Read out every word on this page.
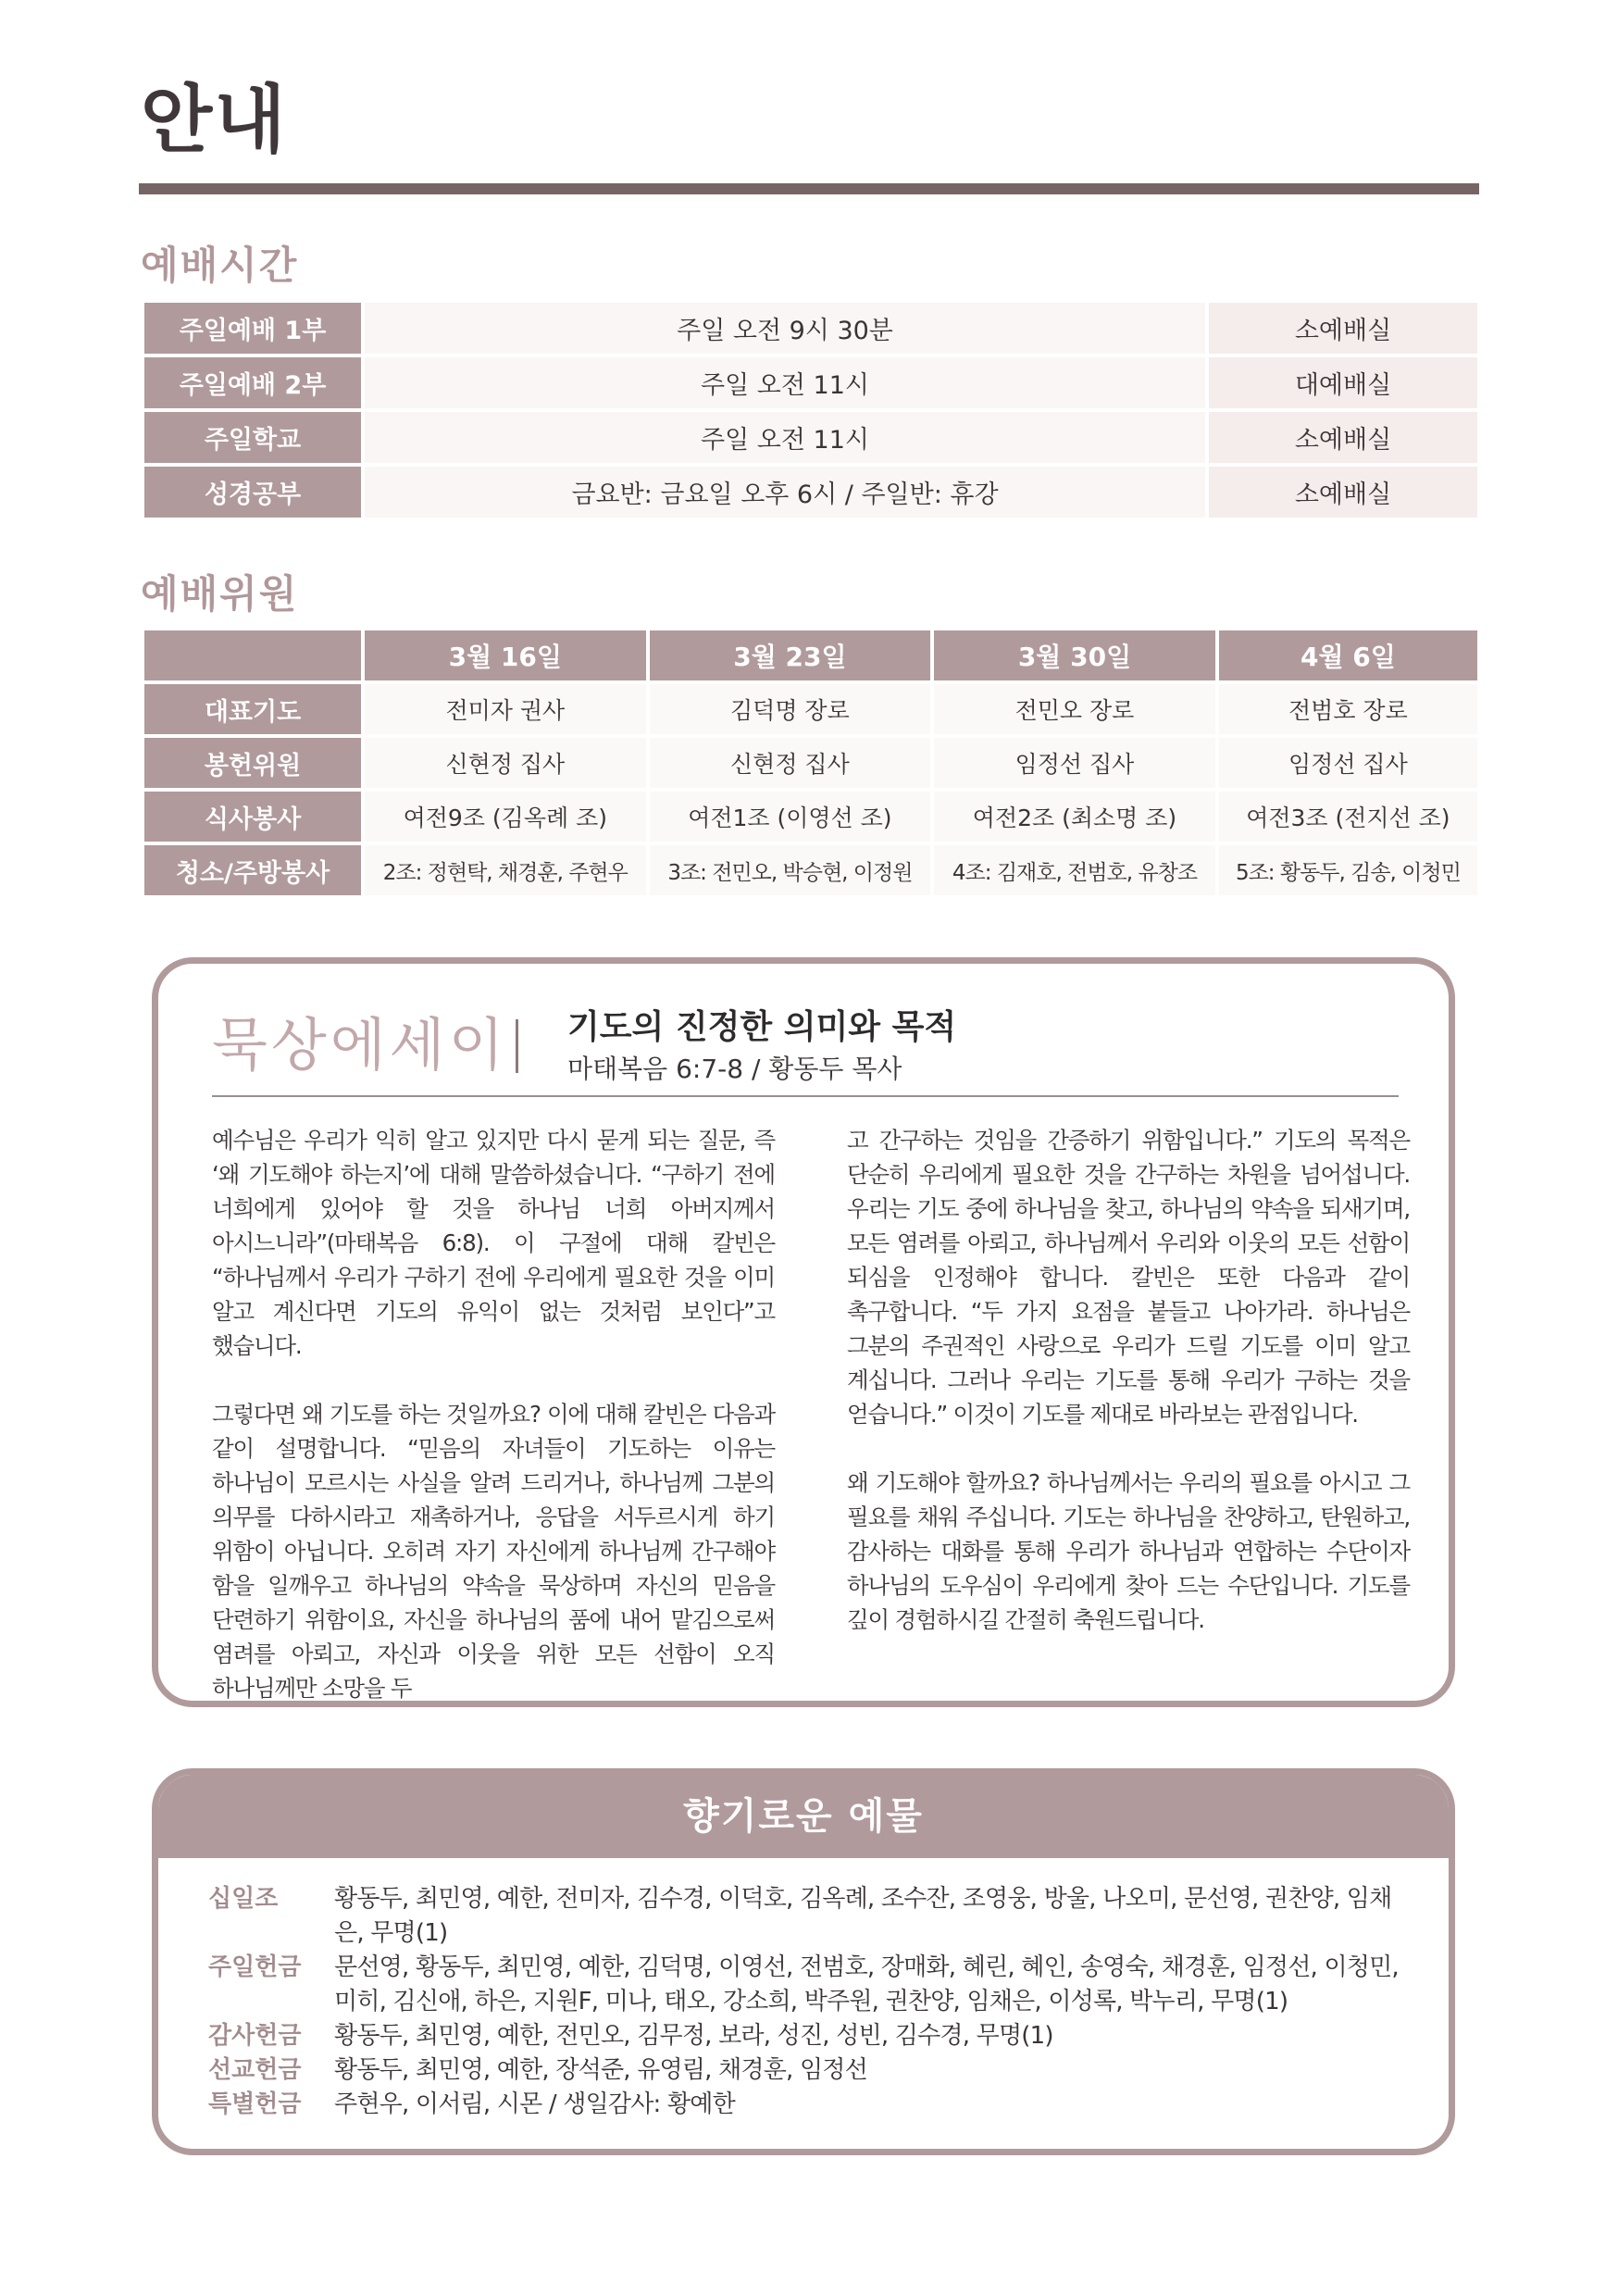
안내
예배시간
주일예배 1부	주일 오전 9시 30분	소예배실
주일예배 2부	주일 오전 11시	대예배실
주일학교	주일 오전 11시	소예배실
성경공부	금요반: 금요일 오후 6시 / 주일반: 휴강	소예배실
예배위원
	3월 16일	3월 23일	3월 30일	4월 6일
대표기도	전미자 권사	김덕명 장로	전민오 장로	전범호 장로
봉헌위원	신현정 집사	신현정 집사	임정선 집사	임정선 집사
식사봉사	여전9조 (김옥례 조)	여전1조 (이영선 조)	여전2조 (최소명 조)	여전3조 (전지선 조)
청소/주방봉사	2조: 정현탁, 채경훈, 주현우	3조: 전민오, 박승현, 이정원	4조: 김재호, 전범호, 유창조	5조: 황동두, 김송, 이청민
묵상에세이 기도의 진정한 의미와 목적
마태복음 6:7-8 / 황동두 목사

예수님은 우리가 익히 알고 있지만 다시 묻게 되는 질문, 즉 ‘왜 기도해야 하는지’에 대해 말씀하셨습니다. “구하기 전에 너희에게 있어야 할 것을 하나님 너희 아버지께서 아시느니라”(마태복음 6:8). 이 구절에 대해 칼빈은 “하나님께서 우리가 구하기 전에 우리에게 필요한 것을 이미 알고 계신다면 기도의 유익이 없는 것처럼 보인다”고 했습니다.

그렇다면 왜 기도를 하는 것일까요? 이에 대해 칼빈은 다음과 같이 설명합니다. “믿음의 자녀들이 기도하는 이유는 하나님이 모르시는 사실을 알려 드리거나, 하나님께 그분의 의무를 다하시라고 재촉하거나, 응답을 서두르시게 하기 위함이 아닙니다. 오히려 자기 자신에게 하나님께 간구해야 함을 일깨우고 하나님의 약속을 묵상하며 자신의 믿음을 단련하기 위함이요, 자신을 하나님의 품에 내어 맡김으로써 염려를 아뢰고, 자신과 이웃을 위한 모든 선함이 오직 하나님께만 소망을 두

고 간구하는 것임을 간증하기 위함입니다.” 기도의 목적은 단순히 우리에게 필요한 것을 간구하는 차원을 넘어섭니다. 우리는 기도 중에 하나님을 찾고, 하나님의 약속을 되새기며, 모든 염려를 아뢰고, 하나님께서 우리와 이웃의 모든 선함이 되심을 인정해야 합니다. 칼빈은 또한 다음과 같이 촉구합니다. “두 가지 요점을 붙들고 나아가라. 하나님은 그분의 주권적인 사랑으로 우리가 드릴 기도를 이미 알고 계십니다. 그러나 우리는 기도를 통해 우리가 구하는 것을 얻습니다.” 이것이 기도를 제대로 바라보는 관점입니다.

왜 기도해야 할까요? 하나님께서는 우리의 필요를 아시고 그 필요를 채워 주십니다. 기도는 하나님을 찬양하고, 탄원하고, 감사하는 대화를 통해 우리가 하나님과 연합하는 수단이자 하나님의 도우심이 우리에게 찾아 드는 수단입니다. 기도를 깊이 경험하시길 간절히 축원드립니다.

향기로운 예물
십일조	황동두, 최민영, 예한, 전미자, 김수경, 이덕호, 김옥례, 조수잔, 조영웅, 방울, 나오미, 문선영, 권찬양, 임채은, 무명(1)
주일헌금	문선영, 황동두, 최민영, 예한, 김덕명, 이영선, 전범호, 장매화, 혜린, 혜인, 송영숙, 채경훈, 임정선, 이청민, 미히, 김신애, 하은, 지원F, 미나, 태오, 강소희, 박주원, 권찬양, 임채은, 이성록, 박누리, 무명(1)
감사헌금	황동두, 최민영, 예한, 전민오, 김무정, 보라, 성진, 성빈, 김수경, 무명(1)
선교헌금	황동두, 최민영, 예한, 장석준, 유영림, 채경훈, 임정선
특별헌금	주현우, 이서림, 시몬 / 생일감사: 황예한
